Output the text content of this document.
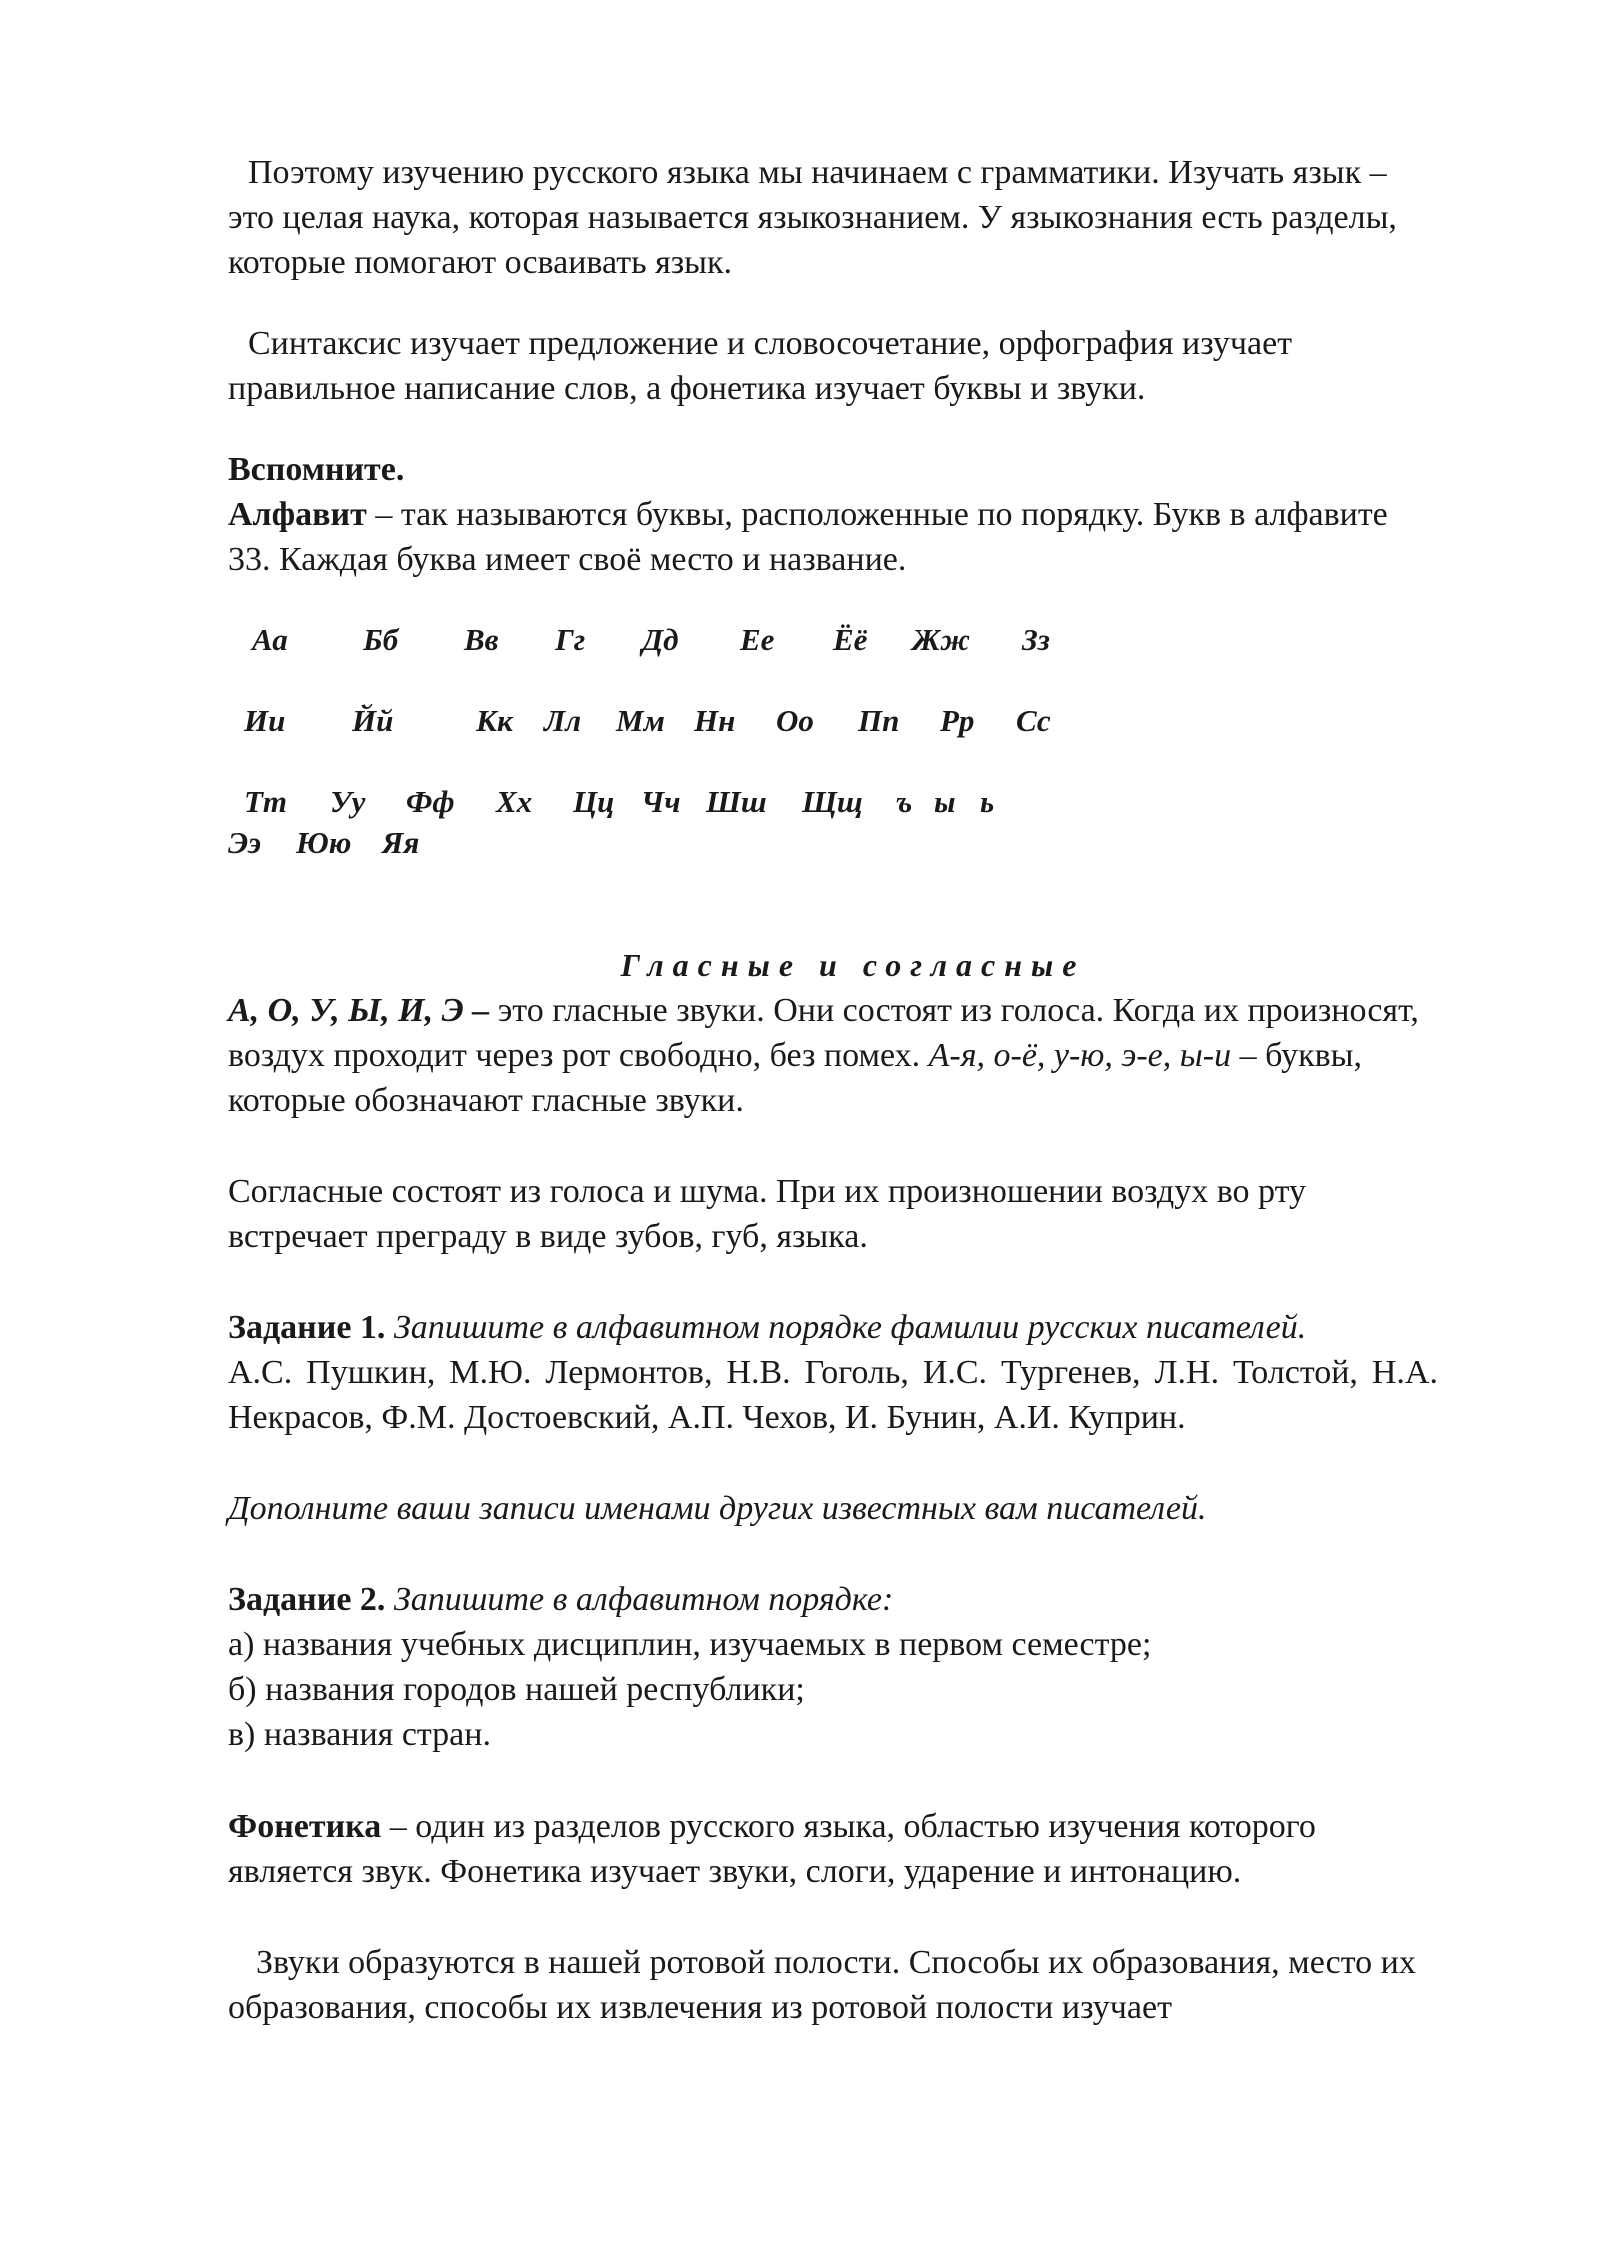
Поэтому изучению русского языка мы начинаем с грамматики. Изучать язык – это целая наука, которая называется языкознанием. У языкознания есть разделы, которые помогают осваивать язык.

Синтаксис изучает предложение и словосочетание, орфография изучает правильное написание слов, а фонетика изучает буквы и звуки.

Вспомните.

Алфавит – так называются буквы, расположенные по порядку. Букв в алфавите 33. Каждая буква имеет своё место и название.

Аа Бб Вв Гг Дд Ее Ёё Жж Зз
Ии Йй	Кк Лл Мм Нн Оо Пп Рр Сс
Тт Уу Фф Хх Цц Чч Шш Щщ ъ ы ь
Ээ Юю Яя

Гласные и согласные

А, О, У, Ы, И, Э – это гласные звуки. Они состоят из голоса. Когда их произносят, воздух проходит через рот свободно, без помех. А-я, о-ё, у-ю, э-е, ы-и – буквы, которые обозначают гласные звуки.

Согласные состоят из голоса и шума. При их произношении воздух во рту встречает преграду в виде зубов, губ, языка.

Задание 1. Запишите в алфавитном порядке фамилии русских писателей.

А.С. Пушкин, М.Ю. Лермонтов, Н.В. Гоголь, И.С. Тургенев, Л.Н. Толстой, Н.А. Некрасов, Ф.М. Достоевский, А.П. Чехов, И. Бунин, А.И. Куприн.

Дополните ваши записи именами других известных вам писателей.

Задание 2. Запишите в алфавитном порядке:

а) названия учебных дисциплин, изучаемых в первом семестре;

б) названия городов нашей республики;

в) названия стран.

Фонетика – один из разделов русского языка, областью изучения которого является звук. Фонетика изучает звуки, слоги, ударение и интонацию.

Звуки образуются в нашей ротовой полости. Способы их образования, место их образования, способы их извлечения из ротовой полости изучает
